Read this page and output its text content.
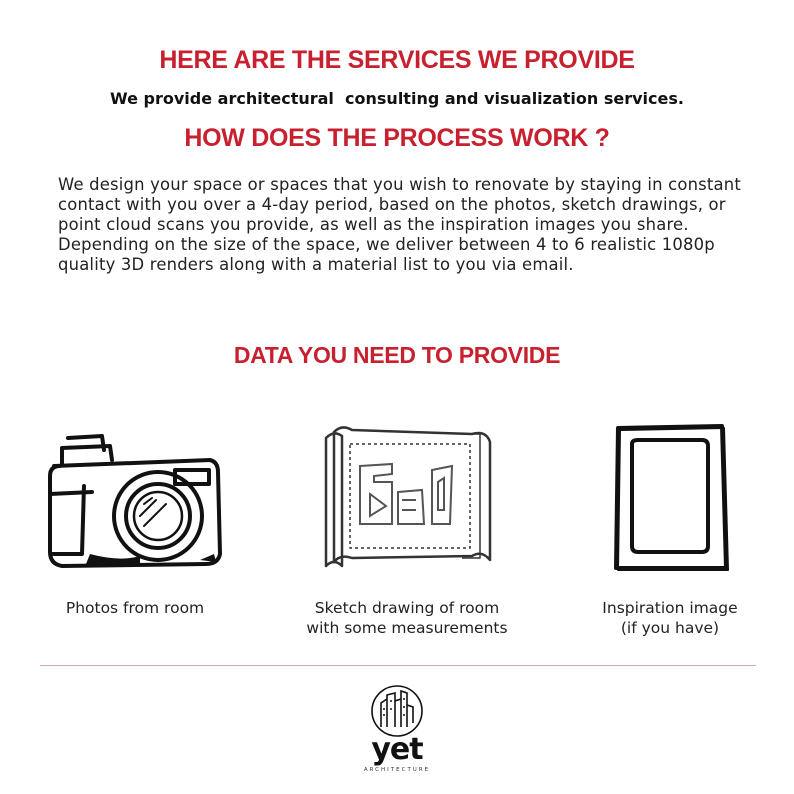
HERE ARE THE SERVICES WE PROVIDE

We provide architectural  consulting and visualization services.

HOW DOES THE PROCESS WORK ?

We design your space or spaces that you wish to renovate by staying in constant contact with you over a 4-day period, based on the photos, sketch drawings, or point cloud scans you provide, as well as the inspiration images you share. Depending on the size of the space, we deliver between 4 to 6 realistic 1080p quality 3D renders along with a material list to you via email.

DATA YOU NEED TO PROVIDE
Photos from room	Sketch drawing of room
with some measurements
Inspiration image
(if you have)
yet
ARCHITECTURE
